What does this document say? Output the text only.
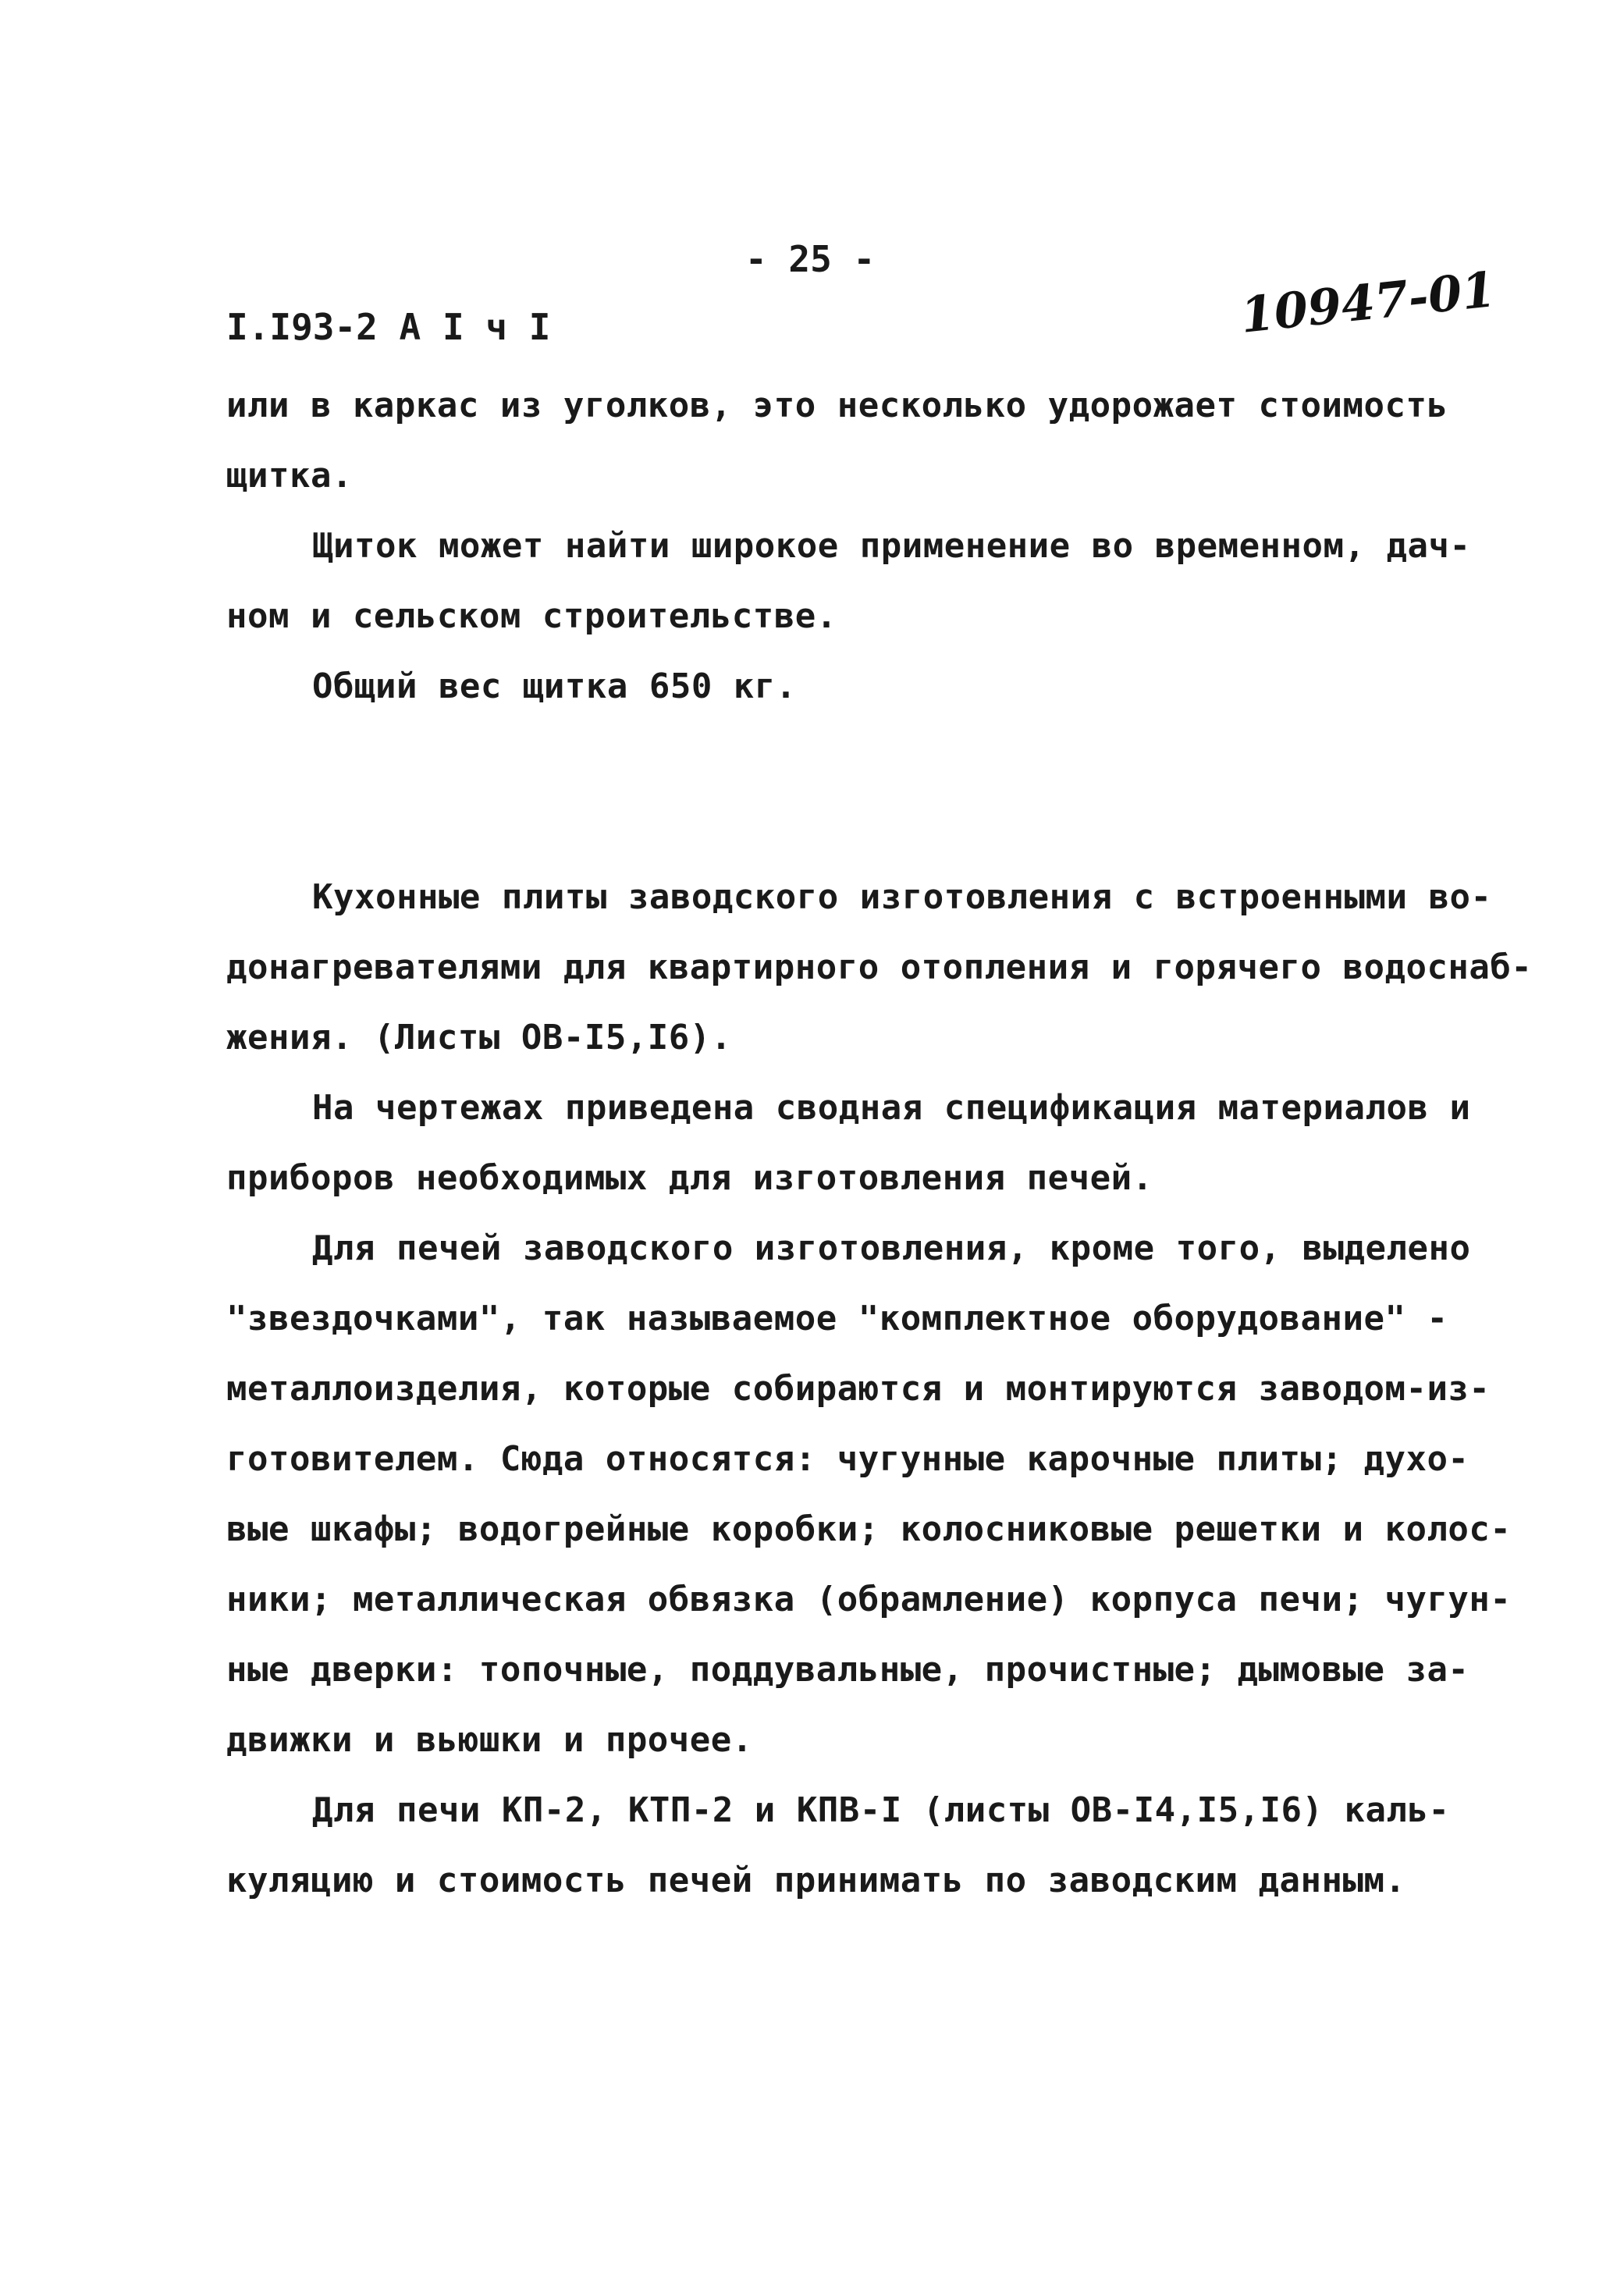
- 25 -
I.I93-2 A I ч I	10947-01
или в каркас из уголков, это несколько удорожает стоимость
щитка.
Щиток может найти широкое применение во временном, дач-
ном и сельском строительстве.
Общий вес щитка 650 кг.
Кухонные плиты заводского изготовления с встроенными во-
донагревателями для квартирного отопления и горячего водоснаб-
жения. (Листы ОВ-I5,I6).
На чертежах приведена сводная спецификация материалов и
приборов необходимых для изготовления печей.
Для печей заводского изготовления, кроме того, выделено
"звездочками", так называемое "комплектное оборудование" -
металлоизделия, которые собираются и монтируются заводом-из-
готовителем. Сюда относятся: чугунные карочные плиты; духо-
вые шкафы; водогрейные коробки; колосниковые решетки и колос-
ники; металлическая обвязка (обрамление) корпуса печи; чугун-
ные дверки: топочные, поддувальные, прочистные; дымовые за-
движки и вьюшки и прочее.
Для печи КП-2, КТП-2 и КПВ-I (листы ОВ-I4,I5,I6) каль-
куляцию и стоимость печей принимать по заводским данным.
